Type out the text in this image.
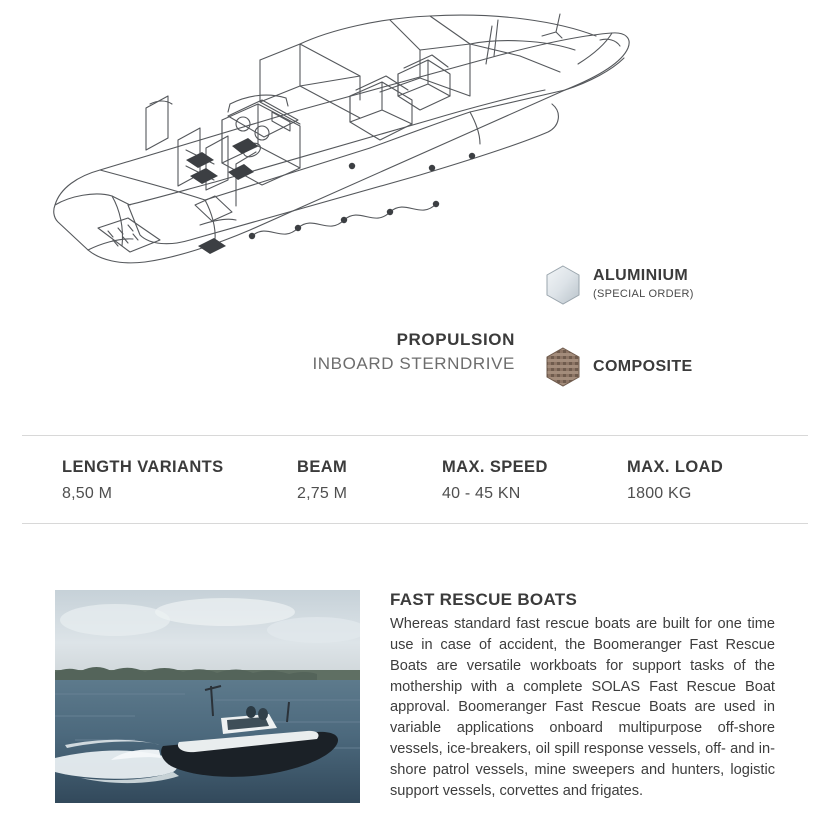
ALUMINIUM
(SPECIAL ORDER)
COMPOSITE
PROPULSION
INBOARD STERNDRIVE
LENGTH VARIANTS
8,50 M
BEAM
2,75 M
MAX. SPEED
40 - 45 KN
MAX. LOAD
1800 KG
FAST RESCUE BOATS

Whereas standard fast rescue boats are built for one time use in case of accident, the Boomeranger Fast Rescue Boats are versatile workboats for support tasks of the mothership with a complete SOLAS Fast Rescue Boat approval. Boomeranger Fast Rescue Boats are used in variable applications onboard multipurpose off-shore vessels, ice-breakers, oil spill response vessels, off- and in-shore patrol vessels, mine sweepers and hunters, logistic support vessels, corvettes and frigates.
